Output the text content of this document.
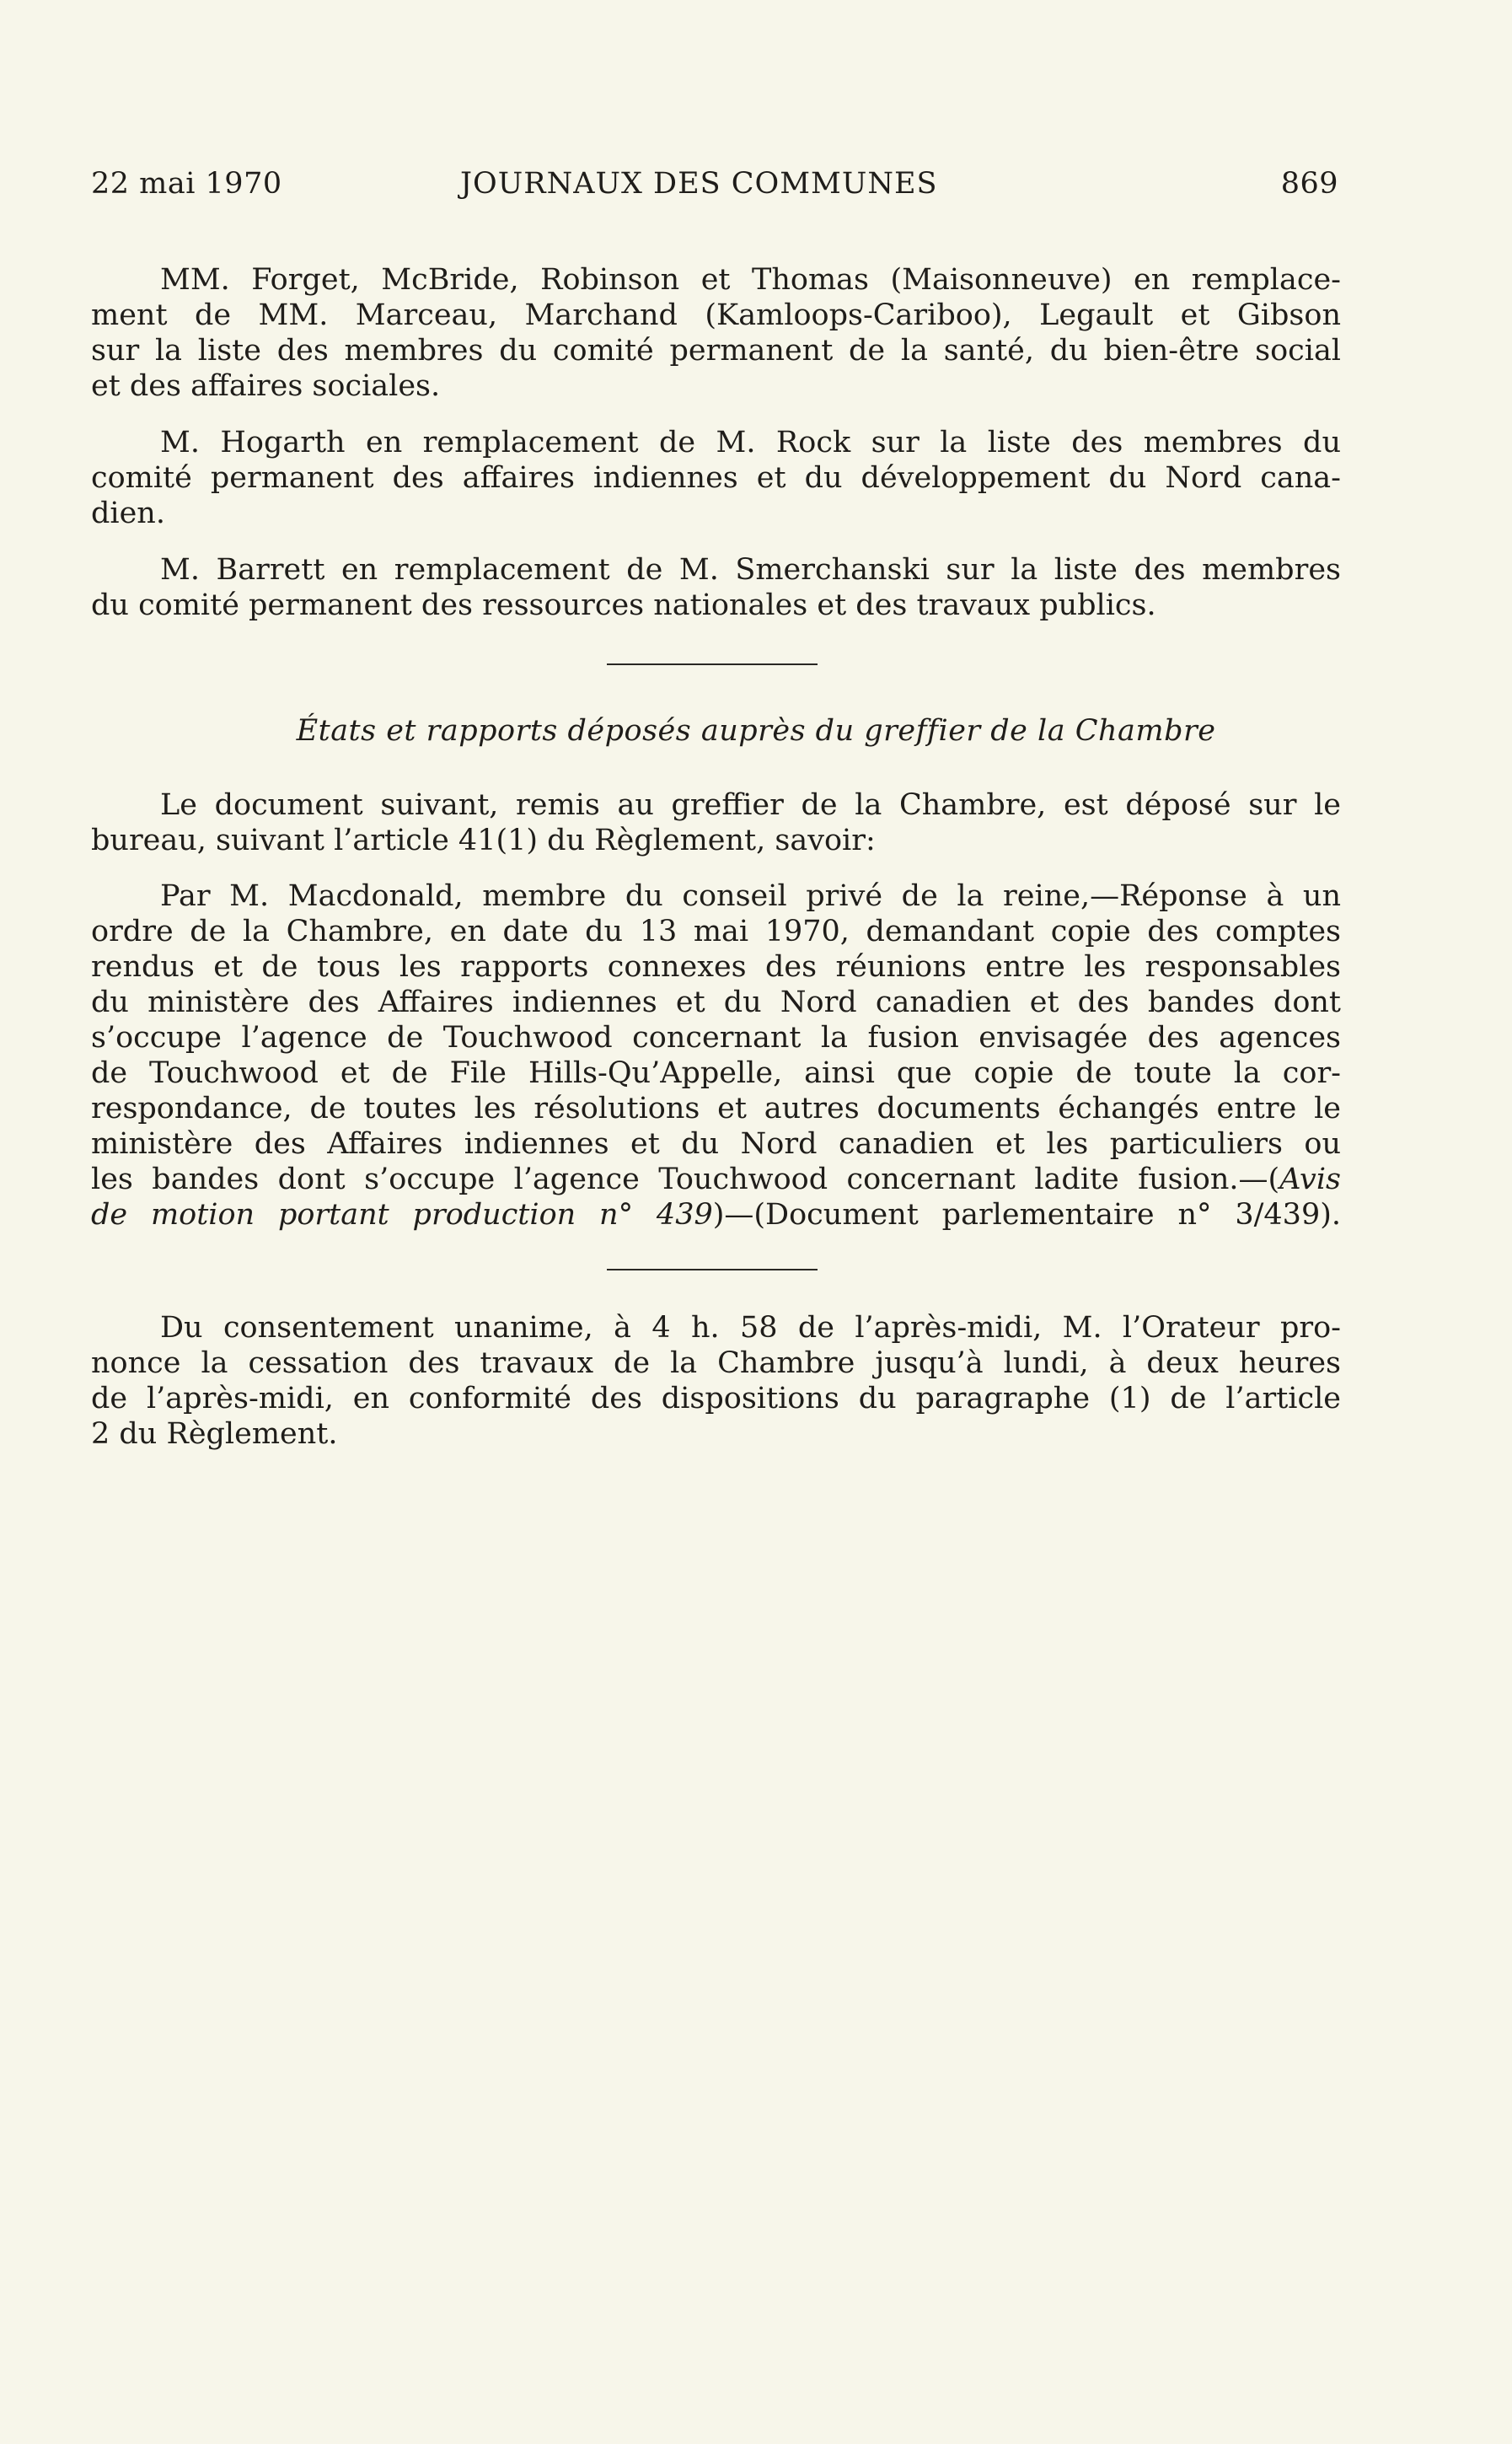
22 mai 1970	JOURNAUX DES COMMUNES	869
MM. Forget, McBride, Robinson et Thomas (Maisonneuve) en remplace-
ment de MM. Marceau, Marchand (Kamloops-Cariboo), Legault et Gibson
sur la liste des membres du comité permanent de la santé, du bien-être social
et des affaires sociales.
M. Hogarth en remplacement de M. Rock sur la liste des membres du
comité permanent des affaires indiennes et du développement du Nord cana-
dien.
M. Barrett en remplacement de M. Smerchanski sur la liste des membres
du comité permanent des ressources nationales et des travaux publics.
États et rapports déposés auprès du greffier de la Chambre
Le document suivant, remis au greffier de la Chambre, est déposé sur le
bureau, suivant l’article 41(1) du Règlement, savoir:
Par M. Macdonald, membre du conseil privé de la reine,—Réponse à un
ordre de la Chambre, en date du 13 mai 1970, demandant copie des comptes
rendus et de tous les rapports connexes des réunions entre les responsables
du ministère des Affaires indiennes et du Nord canadien et des bandes dont
s’occupe l’agence de Touchwood concernant la fusion envisagée des agences
de Touchwood et de File Hills-Qu’Appelle, ainsi que copie de toute la cor-
respondance, de toutes les résolutions et autres documents échangés entre le
ministère des Affaires indiennes et du Nord canadien et les particuliers ou
les bandes dont s’occupe l’agence Touchwood concernant ladite fusion.—(Avis
de motion portant production n° 439)—(Document parlementaire n° 3/439).
Du consentement unanime, à 4 h. 58 de l’après-midi, M. l’Orateur pro-
nonce la cessation des travaux de la Chambre jusqu’à lundi, à deux heures
de l’après-midi, en conformité des dispositions du paragraphe (1) de l’article
2 du Règlement.
